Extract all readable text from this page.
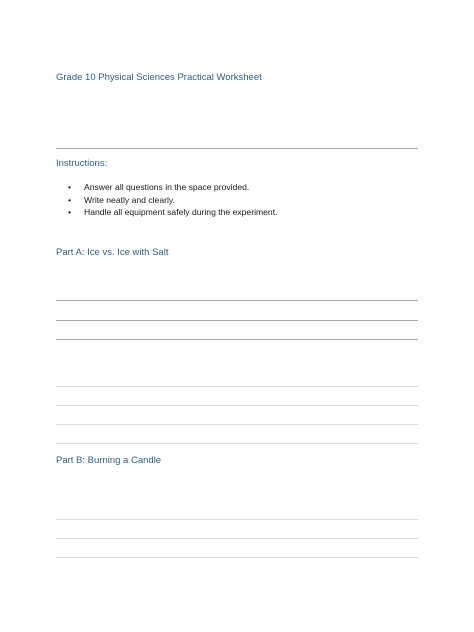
Grade 10 Physical Sciences Practical Worksheet
Instructions:
• Answer all questions in the space provided.
• Write neatly and clearly.
• Handle all equipment safely during the experiment.
Part A: Ice vs. Ice with Salt
Part B: Burning a Candle
